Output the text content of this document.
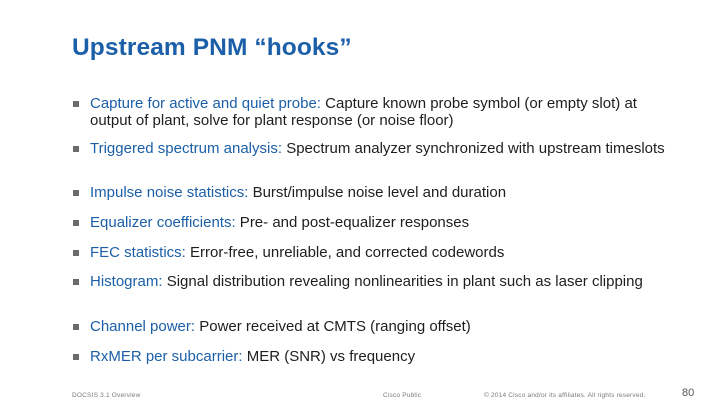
Upstream PNM “hooks”
Capture for active and quiet probe: Capture known probe symbol (or empty slot) at output of plant, solve for plant response (or noise floor)
Triggered spectrum analysis: Spectrum analyzer synchronized with upstream timeslots
Impulse noise statistics: Burst/impulse noise level and duration
Equalizer coefficients: Pre- and post-equalizer responses
FEC statistics: Error-free, unreliable, and corrected codewords
Histogram: Signal distribution revealing nonlinearities in plant such as laser clipping
Channel power: Power received at CMTS (ranging offset)
RxMER per subcarrier: MER (SNR) vs frequency
DOCSIS 3.1 Overview	Cisco Public	© 2014 Cisco and/or its affiliates. All rights reserved.	80
